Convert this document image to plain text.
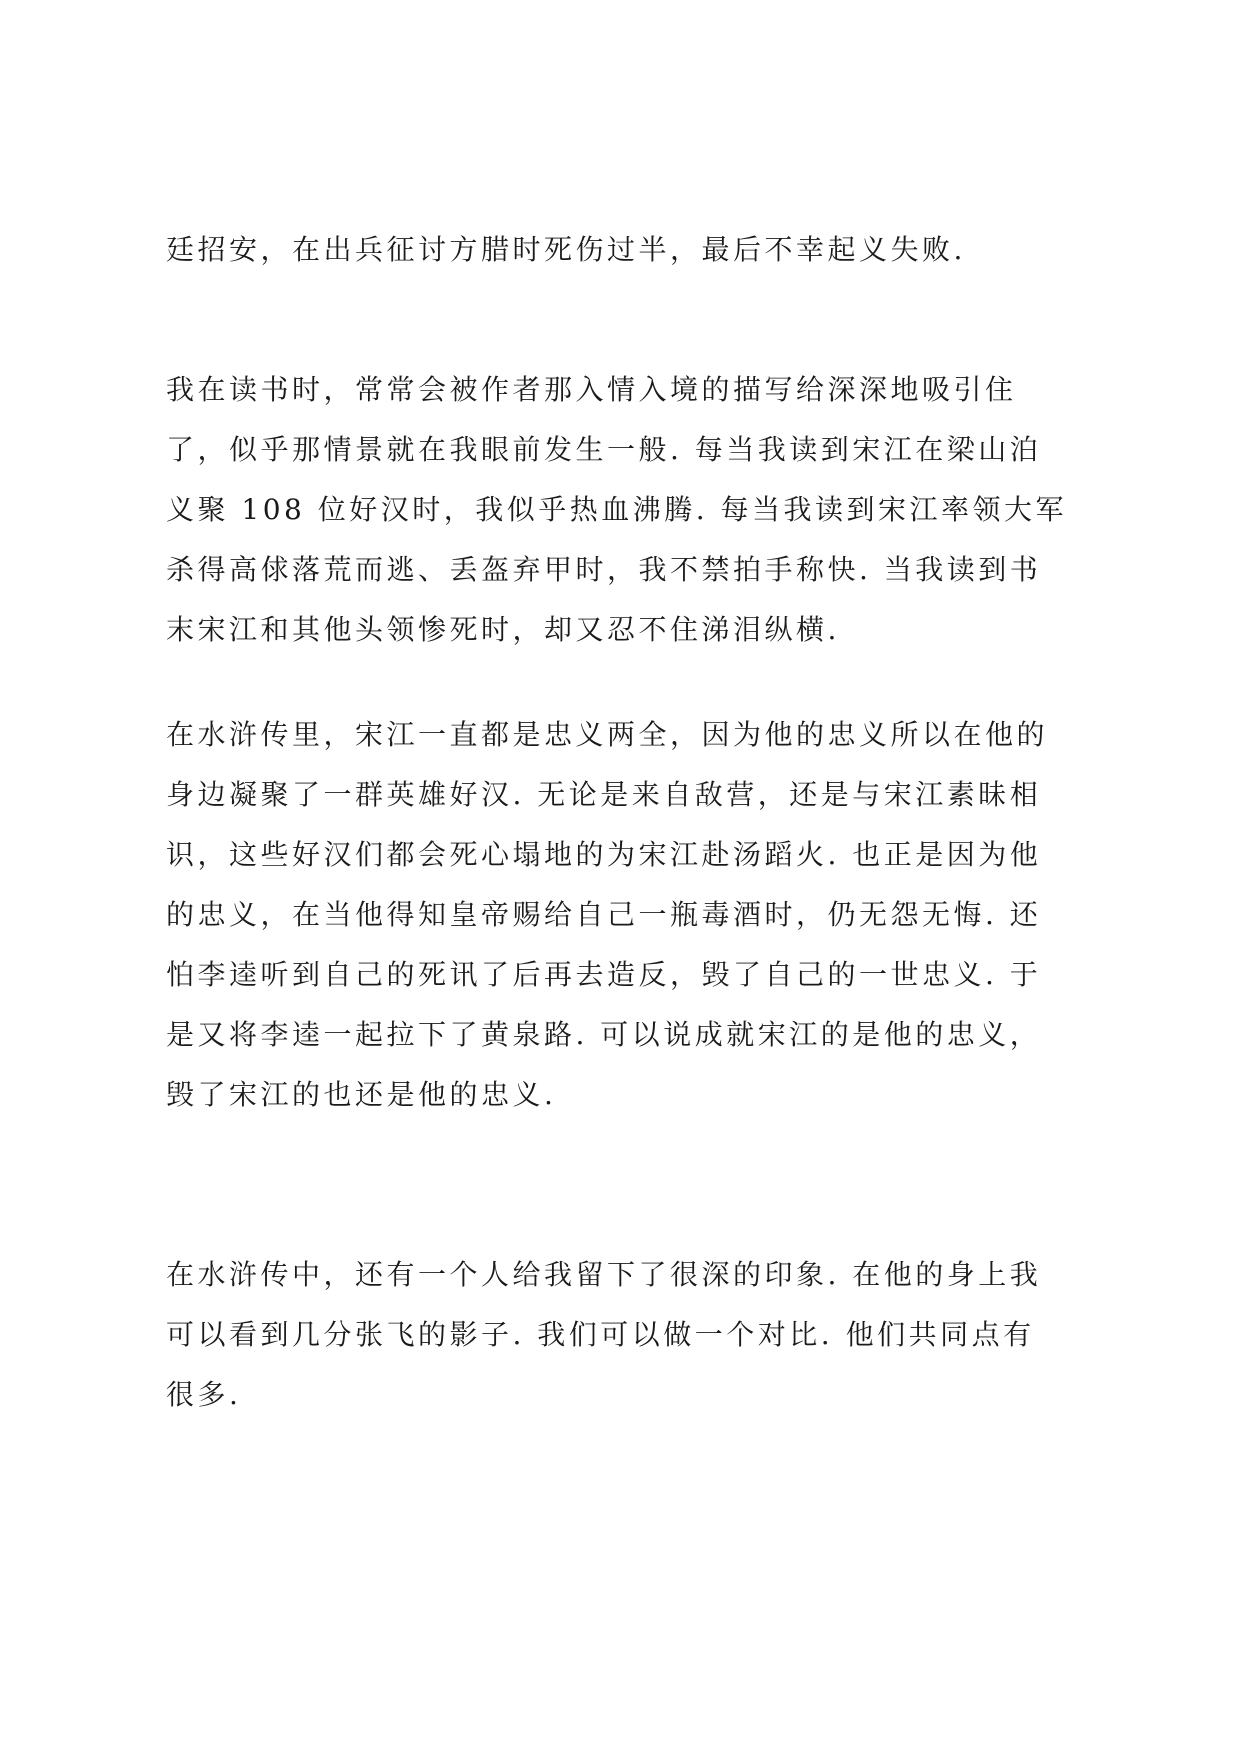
廷招安，在出兵征讨方腊时死伤过半，最后不幸起义失败.

我在读书时，常常会被作者那入情入境的描写给深深地吸引住
了，似乎那情景就在我眼前发生一般. 每当我读到宋江在梁山泊
义聚 108 位好汉时，我似乎热血沸腾. 每当我读到宋江率领大军
杀得高俅落荒而逃、丢盔弃甲时，我不禁拍手称快. 当我读到书
末宋江和其他头领惨死时，却又忍不住涕泪纵横.

在水浒传里，宋江一直都是忠义两全，因为他的忠义所以在他的
身边凝聚了一群英雄好汉. 无论是来自敌营，还是与宋江素昧相
识，这些好汉们都会死心塌地的为宋江赴汤蹈火. 也正是因为他
的忠义，在当他得知皇帝赐给自己一瓶毒酒时，仍无怨无悔. 还
怕李逵听到自己的死讯了后再去造反，毁了自己的一世忠义. 于
是又将李逵一起拉下了黄泉路. 可以说成就宋江的是他的忠义，
毁了宋江的也还是他的忠义.

在水浒传中，还有一个人给我留下了很深的印象. 在他的身上我
可以看到几分张飞的影子. 我们可以做一个对比. 他们共同点有
很多.
